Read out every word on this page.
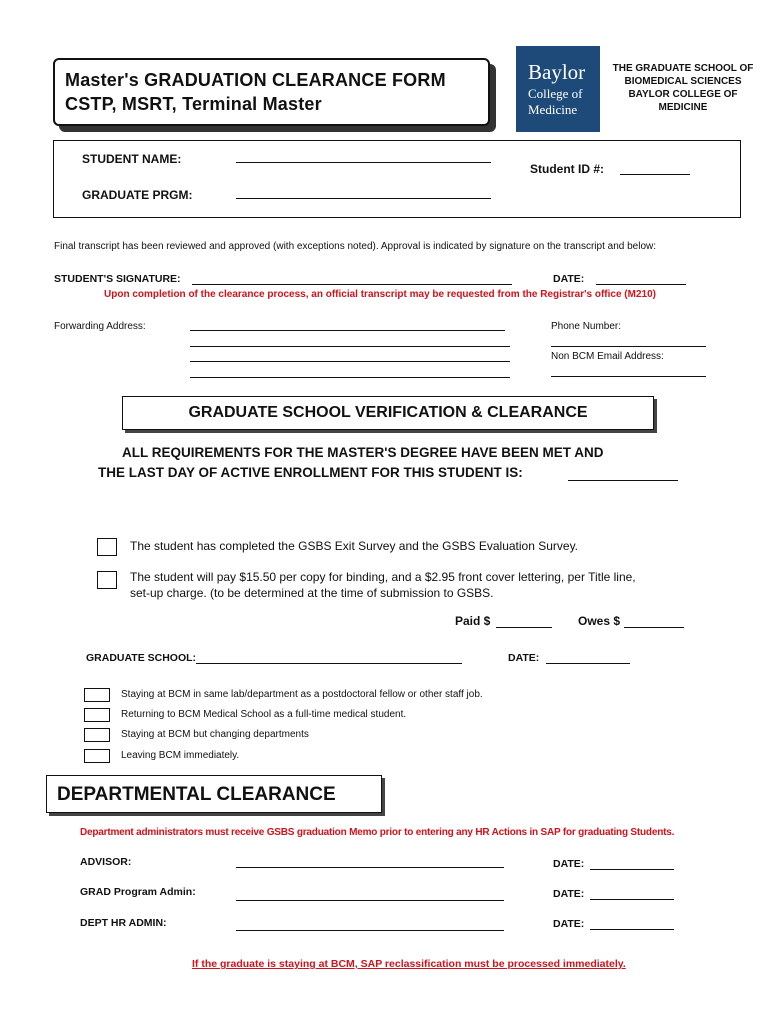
Master's GRADUATION CLEARANCE FORM
CSTP, MSRT, Terminal Master
Baylor
College of
Medicine
THE GRADUATE SCHOOL OF
BIOMEDICAL SCIENCES
BAYLOR COLLEGE OF
MEDICINE
STUDENT NAME:
GRADUATE PRGM:
Student ID #:
Final transcript has been reviewed and approved (with exceptions noted). Approval is indicated by signature on the transcript and below:
STUDENT'S SIGNATURE:	DATE:
Upon completion of the clearance process, an official transcript may be requested from the Registrar's office (M210)
Forwarding Address:	Phone Number:
Non BCM Email Address:
GRADUATE SCHOOL VERIFICATION & CLEARANCE
ALL REQUIREMENTS FOR THE MASTER'S DEGREE HAVE BEEN MET AND
THE LAST DAY OF ACTIVE ENROLLMENT FOR THIS STUDENT IS:
The student has completed the GSBS Exit Survey and the GSBS Evaluation Survey.
The student will pay $15.50 per copy for binding, and a $2.95 front cover lettering, per Title line,
set-up charge. (to be determined at the time of submission to GSBS.
Paid $	Owes $
GRADUATE SCHOOL:	DATE:
Staying at BCM in same lab/department as a postdoctoral fellow or other staff job.
Returning to BCM Medical School as a full-time medical student.
Staying at BCM but changing departments
Leaving BCM immediately.
DEPARTMENTAL CLEARANCE
Department administrators must receive GSBS graduation Memo prior to entering any HR Actions in SAP for graduating Students.
ADVISOR:	DATE:
GRAD Program Admin:	DATE:
DEPT HR ADMIN:	DATE:
If the graduate is staying at BCM, SAP reclassification must be processed immediately.
